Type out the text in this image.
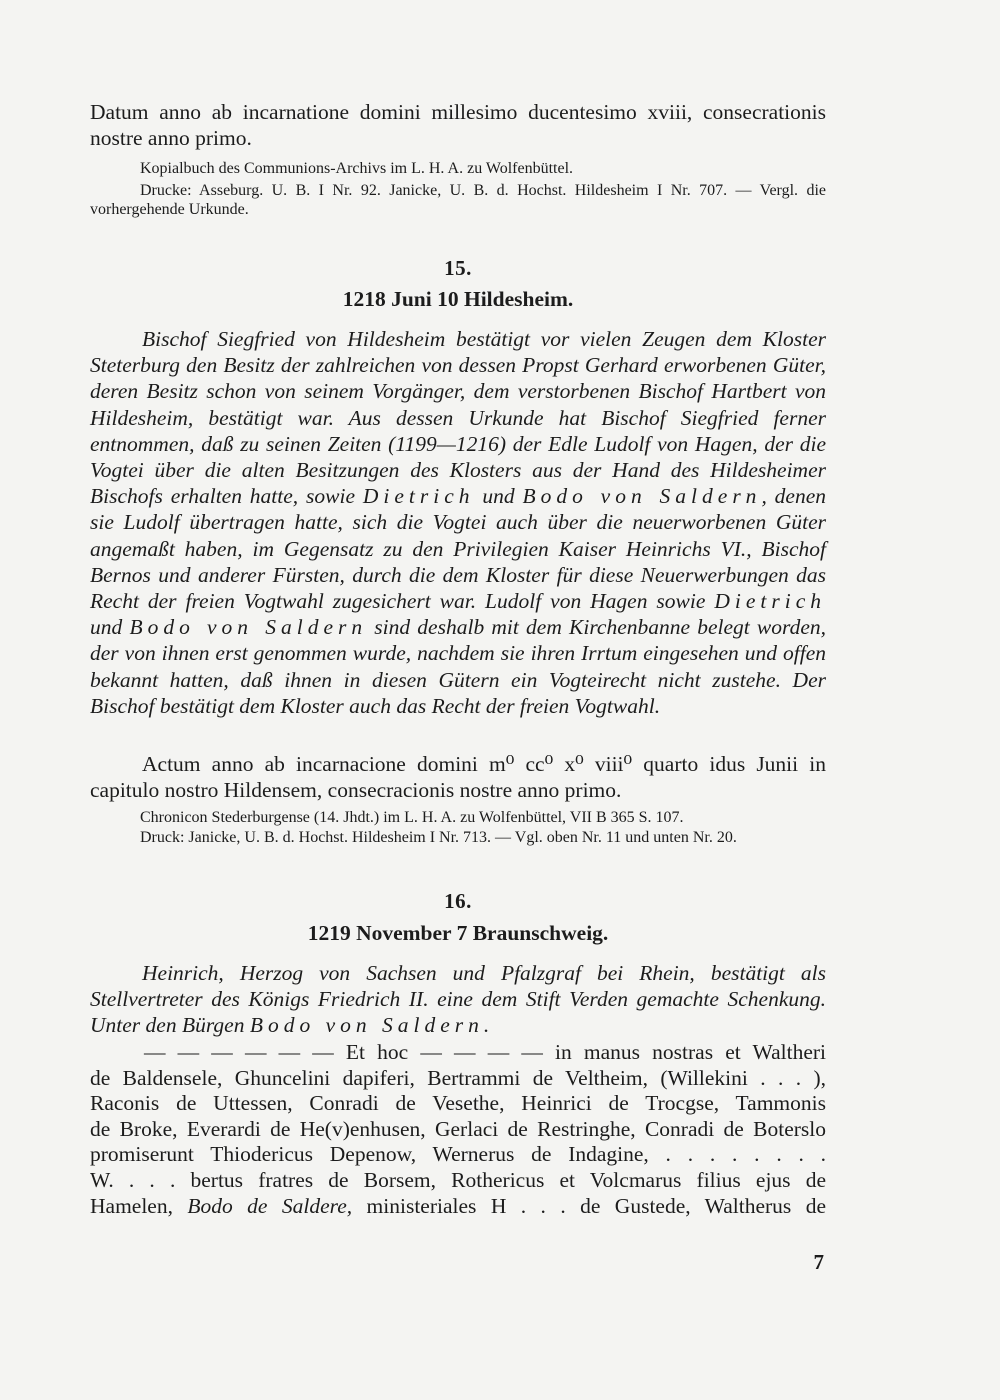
Datum anno ab incarnatione domini millesimo ducentesimo xviii, consecrationis nostre anno primo.

Kopialbuch des Communions-Archivs im L. H. A. zu Wolfenbüttel.

Drucke: Asseburg. U. B. I Nr. 92. Janicke, U. B. d. Hochst. Hildesheim I Nr. 707. — Vergl. die vorhergehende Urkunde.

15.
1218 Juni 10 Hildesheim.

Bischof Siegfried von Hildesheim bestätigt vor vielen Zeugen dem Kloster Steterburg den Besitz der zahlreichen von dessen Propst Gerhard erworbenen Güter, deren Besitz schon von seinem Vorgänger, dem verstorbenen Bischof Hartbert von Hildesheim, bestätigt war. Aus dessen Urkunde hat Bischof Siegfried ferner entnommen, daß zu seinen Zeiten (1199—1216) der Edle Ludolf von Hagen, der die Vogtei über die alten Besitzungen des Klosters aus der Hand des Hildesheimer Bischofs erhalten hatte, sowie Dietrich und Bodo von Saldern, denen sie Ludolf übertragen hatte, sich die Vogtei auch über die neuerworbenen Güter angemaßt haben, im Gegensatz zu den Privilegien Kaiser Heinrichs VI., Bischof Bernos und anderer Fürsten, durch die dem Kloster für diese Neuerwerbungen das Recht der freien Vogtwahl zugesichert war. Ludolf von Hagen sowie Dietrich und Bodo von Saldern sind deshalb mit dem Kirchenbanne belegt worden, der von ihnen erst genommen wurde, nachdem sie ihren Irrtum eingesehen und offen bekannt hatten, daß ihnen in diesen Gütern ein Vogteirecht nicht zustehe. Der Bischof bestätigt dem Kloster auch das Recht der freien Vogtwahl.

Actum anno ab incarnacione domini m⁰ cc⁰ x⁰ viii⁰ quarto idus Junii in capitulo nostro Hildensem, consecracionis nostre anno primo.

Chronicon Stederburgense (14. Jhdt.) im L. H. A. zu Wolfenbüttel, VII B 365 S. 107.

Druck: Janicke, U. B. d. Hochst. Hildesheim I Nr. 713. — Vgl. oben Nr. 11 und unten Nr. 20.

16.
1219 November 7 Braunschweig.

Heinrich, Herzog von Sachsen und Pfalzgraf bei Rhein, bestätigt als Stellvertreter des Königs Friedrich II. eine dem Stift Verden gemachte Schenkung. Unter den Bürgen Bodo von Saldern.

— — — — — — Et hoc — — — — in manus nostras et Waltheri
de Baldensele, Ghuncelini dapiferi, Bertrammi de Veltheim, (Willekini . . . ),
Raconis de Uttessen, Conradi de Vesethe, Heinrici de Trocgse, Tammonis
de Broke, Everardi de He(v)enhusen, Gerlaci de Restringhe, Conradi de Boterslo
promiserunt Thiodericus Depenow, Wernerus de Indagine, . . . . . . . .
W. . . . bertus fratres de Borsem, Rothericus et Volcmarus filius ejus de
Hamelen, Bodo de Saldere, ministeriales H . . . de Gustede, Waltherus de
7
